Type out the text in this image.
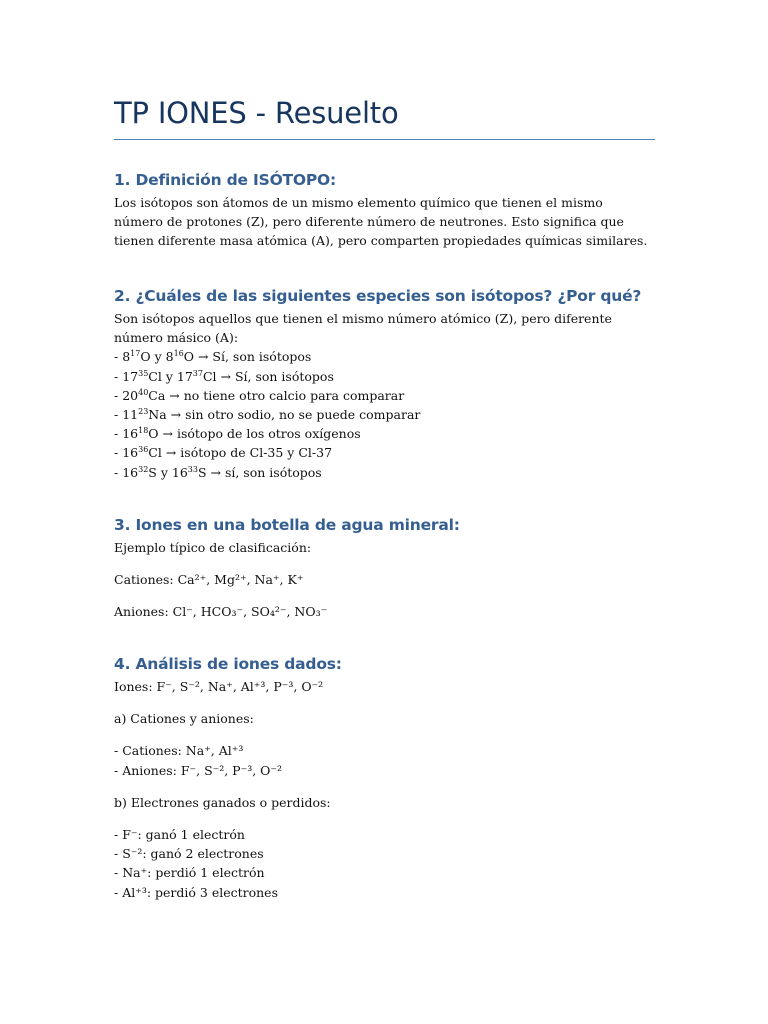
TP IONES - Resuelto
1. Definición de ISÓTOPO:

Los isótopos son átomos de un mismo elemento químico que tienen el mismo número de protones (Z), pero diferente número de neutrones. Esto significa que tienen diferente masa atómica (A), pero comparten propiedades químicas similares.

2. ¿Cuáles de las siguientes especies son isótopos? ¿Por qué?

Son isótopos aquellos que tienen el mismo número atómico (Z), pero diferente número másico (A):

- $8^{17}O$ y $8^{16}O$ → Sí, son isótopos
- $17^{35}Cl$ y $17^{37}Cl$ → Sí, son isótopos
- $20^{40}Ca$ → no tiene otro calcio para comparar
- $11^{23}Na \to \sin$ otro sodio, no se puede comparar
- $16^{18}O$ → isótopo de los otros oxígenos
- $16^{36}Cl$ → isótopo de Cl-35 y Cl-37
- $16^{32}S$ y $16^{33}S$ → sí, son isótopos
3. Iones en una botella de agua mineral:
Ejemplo típico de clasificación:
Cationes: Ca²⁺, Mg²⁺, Na⁺, K⁺
Aniones: Cl⁻, HCO₃⁻, SO₄²⁻, NO₃⁻
4. Análisis de iones dados:
Iones: F⁻, S⁻², Na⁺, Al⁺³, P⁻³, O⁻²
a) Cationes y aniones:
- Cationes: Na⁺, Al⁺³
- Aniones: F⁻, S⁻², P⁻³, O⁻²
b) Electrones ganados o perdidos:
- F⁻: ganó 1 electrón
- S⁻²: ganó 2 electrones
- Na⁺: perdió 1 electrón
- Al⁺³: perdió 3 electrones
